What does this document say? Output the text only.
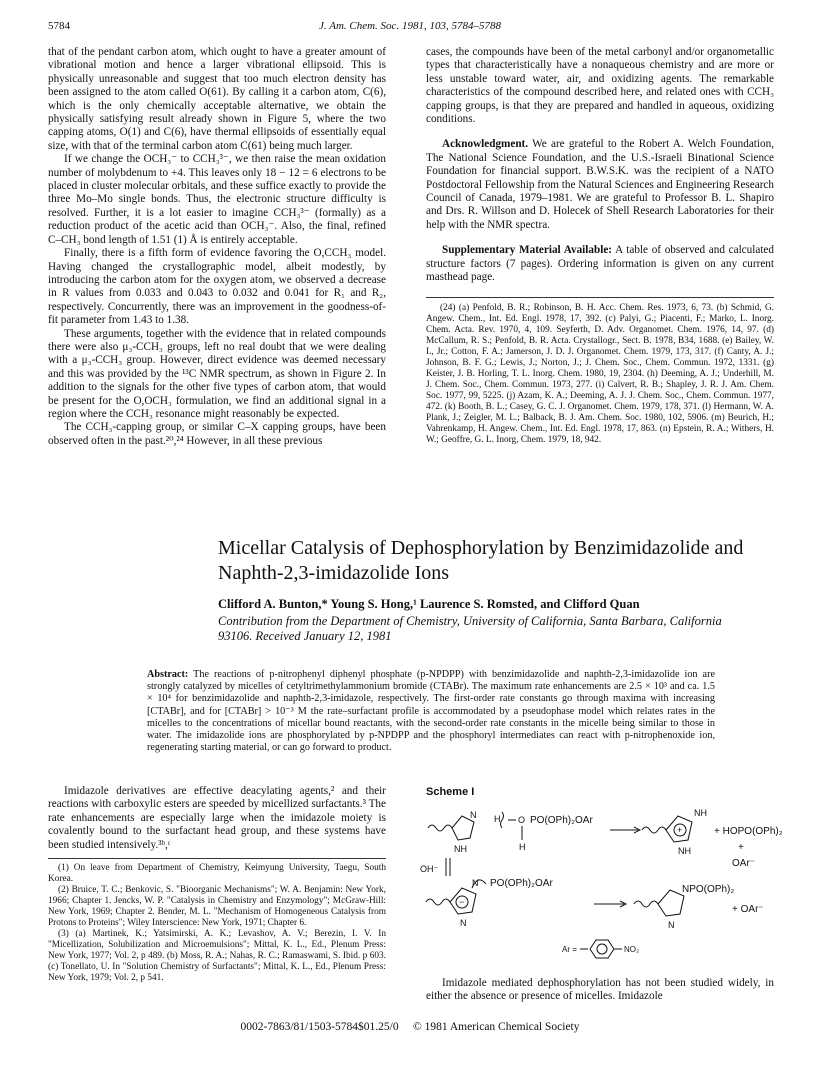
5784	J. Am. Chem. Soc. 1981, 103, 5784–5788

that of the pendant carbon atom, which ought to have a greater amount of vibrational motion and hence a larger vibrational ellipsoid. This is physically unreasonable and suggest that too much electron density has been assigned to the atom called O(61). By calling it a carbon atom, C(6), which is the only chemically acceptable alternative, we obtain the physically satisfying result already shown in Figure 5, where the two capping atoms, O(1) and C(6), have thermal ellipsoids of essentially equal size, with that of the terminal carbon atom C(61) being much larger.

If we change the OCH₃⁻ to CCH₃³⁻, we then raise the mean oxidation number of molybdenum to +4. This leaves only 18 − 12 = 6 electrons to be placed in cluster molecular orbitals, and these suffice exactly to provide the three Mo–Mo single bonds. Thus, the electronic structure difficulty is resolved. Further, it is a lot easier to imagine CCH₃³⁻ (formally) as a reduction product of the acetic acid than OCH₃⁻. Also, the final, refined C–CH₃ bond length of 1.51 (1) Å is entirely acceptable.

Finally, there is a fifth form of evidence favoring the O,CCH₃ model. Having changed the crystallographic model, albeit modestly, by introducing the carbon atom for the oxygen atom, we observed a decrease in R values from 0.033 and 0.043 to 0.032 and 0.041 for R₁ and R₂, respectively. Concurrently, there was an improvement in the goodness-of-fit parameter from 1.43 to 1.38.

These arguments, together with the evidence that in related compounds there were also μ₃-CCH₃ groups, left no real doubt that we were dealing with a μ₃-CCH₃ group. However, direct evidence was deemed necessary and this was provided by the ¹³C NMR spectrum, as shown in Figure 2. In addition to the signals for the other five types of carbon atom, that would be present for the O,OCH₃ formulation, we find an additional signal in a region where the CCH₃ resonance might reasonably be expected.

The CCH₃-capping group, or similar C–X capping groups, have been observed often in the past.²⁰,²⁴ However, in all these previous

cases, the compounds have been of the metal carbonyl and/or organometallic types that characteristically have a nonaqueous chemistry and are more or less unstable toward water, air, and oxidizing agents. The remarkable characteristics of the compound described here, and related ones with CCH₃ capping groups, is that they are prepared and handled in aqueous, oxidizing conditions.

Acknowledgment. We are grateful to the Robert A. Welch Foundation, The National Science Foundation, and the U.S.-Israeli Binational Science Foundation for financial support. B.W.S.K. was the recipient of a NATO Postdoctoral Fellowship from the Natural Sciences and Engineering Research Council of Canada, 1979–1981. We are grateful to Professor B. L. Shapiro and Drs. R. Willson and D. Holecek of Shell Research Laboratories for their help with the NMR spectra.

Supplementary Material Available: A table of observed and calculated structure factors (7 pages). Ordering information is given on any current masthead page.

(24) (a) Penfold, B. R.; Robinson, B. H. Acc. Chem. Res. 1973, 6, 73. (b) Schmid, G. Angew. Chem., Int. Ed. Engl. 1978, 17, 392. (c) Palyi, G.; Piacenti, F.; Marko, L. Inorg. Chem. Acta. Rev. 1970, 4, 109. Seyferth, D. Adv. Organomet. Chem. 1976, 14, 97. (d) McCallum, R. S.; Penfold, B. R. Acta. Crystallogr., Sect. B. 1978, B34, 1688. (e) Bailey, W. I., Jr.; Cotton, F. A.; Jamerson, J. D. J. Organomet. Chem. 1979, 173, 317. (f) Canty, A. J.; Johnson, B. F. G.; Lewis, J.; Norton, J.; J. Chem. Soc., Chem. Commun. 1972, 1331. (g) Keister, J. B. Horling, T. L. Inorg. Chem. 1980, 19, 2304. (h) Deeming, A. J.; Underhill, M. J. Chem. Soc., Chem. Commun. 1973, 277. (i) Calvert, R. B.; Shapley, J. R. J. Am. Chem. Soc. 1977, 99, 5225. (j) Azam, K. A.; Deeming, A. J. J. Chem. Soc., Chem. Commun. 1977, 472. (k) Booth, B. L.; Casey, G. C. J. Organomet. Chem. 1979, 178, 371. (l) Hermann, W. A. Plank, J.; Zeigler, M. L.; Balback, B. J. Am. Chem. Soc. 1980, 102, 5906. (m) Beurich, H.; Vahrenkamp, H. Angew. Chem., Int. Ed. Engl. 1978, 17, 863. (n) Epstein, R. A.; Withers, H. W.; Geoffre, G. L. Inorg, Chem. 1979, 18, 942.

Micellar Catalysis of Dephosphorylation by Benzimidazolide and Naphth-2,3-imidazolide Ions
Clifford A. Bunton,* Young S. Hong,¹ Laurence S. Romsted, and Clifford Quan
Contribution from the Department of Chemistry, University of California, Santa Barbara, California 93106. Received January 12, 1981
Abstract: The reactions of p-nitrophenyl diphenyl phosphate (p-NPDPP) with benzimidazolide and naphth-2,3-imidazolide ion are strongly catalyzed by micelles of cetyltrimethylammonium bromide (CTABr). The maximum rate enhancements are 2.5 × 10³ and ca. 1.5 × 10⁴ for benzimidazolide and naphth-2,3-imidazole, respectively. The first-order rate constants go through maxima with increasing [CTABr], and for [CTABr] > 10⁻³ M the rate–surfactant profile is accommodated by a pseudophase model which relates rates in the micelles to the concentrations of micellar bound reactants, with the second-order rate constants in the micelle being similar to those in water. The imidazolide ions are phosphorylated by p-NPDPP and the phosphoryl intermediates can react with p-nitrophenoxide ion, regenerating starting material, or can go forward to product.

Imidazole derivatives are effective deacylating agents,² and their reactions with carboxylic esters are speeded by micellized surfactants.³ The rate enhancements are especially large when the imidazole moiety is covalently bound to the surfactant head group, and these systems have been studied intensively.³ᵇ,ᶜ

(1) On leave from Department of Chemistry, Keimyung University, Taegu, South Korea.

(2) Bruice, T. C.; Benkovic, S. "Bioorganic Mechanisms"; W. A. Benjamin: New York, 1966; Chapter 1. Jencks, W. P. "Catalysis in Chemistry and Enzymology"; McGraw-Hill: New York, 1969; Chapter 2. Bender, M. L. "Mechanism of Homogeneous Catalysis from Protons to Proteins"; Wiley Interscience: New York, 1971; Chapter 6.

(3) (a) Martinek, K.; Yatsimirski, A. K.; Levashov, A. V.; Berezin, I. V. In "Micellization, Solubilization and Microemulsions"; Mittal, K. L., Ed., Plenum Press: New York, 1977; Vol. 2, p 489. (b) Moss, R. A.; Nahas, R. C.; Ramaswami, S. Ibid. p 603. (c) Tonellato, U. In "Solution Chemistry of Surfactants"; Mittal, K. L., Ed., Plenum Press: New York, 1979; Vol. 2, p 541.

Scheme I
N
NH
H O PO(OPh)₂OAr
H
+
NH
NH
+ HOPO(OPh)₂
+
OAr⁻
OH⁻
−
N
N
PO(OPh)₂OAr
NPO(OPh)₂
N
+ OAr⁻
Ar =	NO₂

Imidazole mediated dephosphorylation has not been studied widely, in either the absence or presence of micelles. Imidazole

0002-7863/81/1503-5784$01.25/0 © 1981 American Chemical Society
